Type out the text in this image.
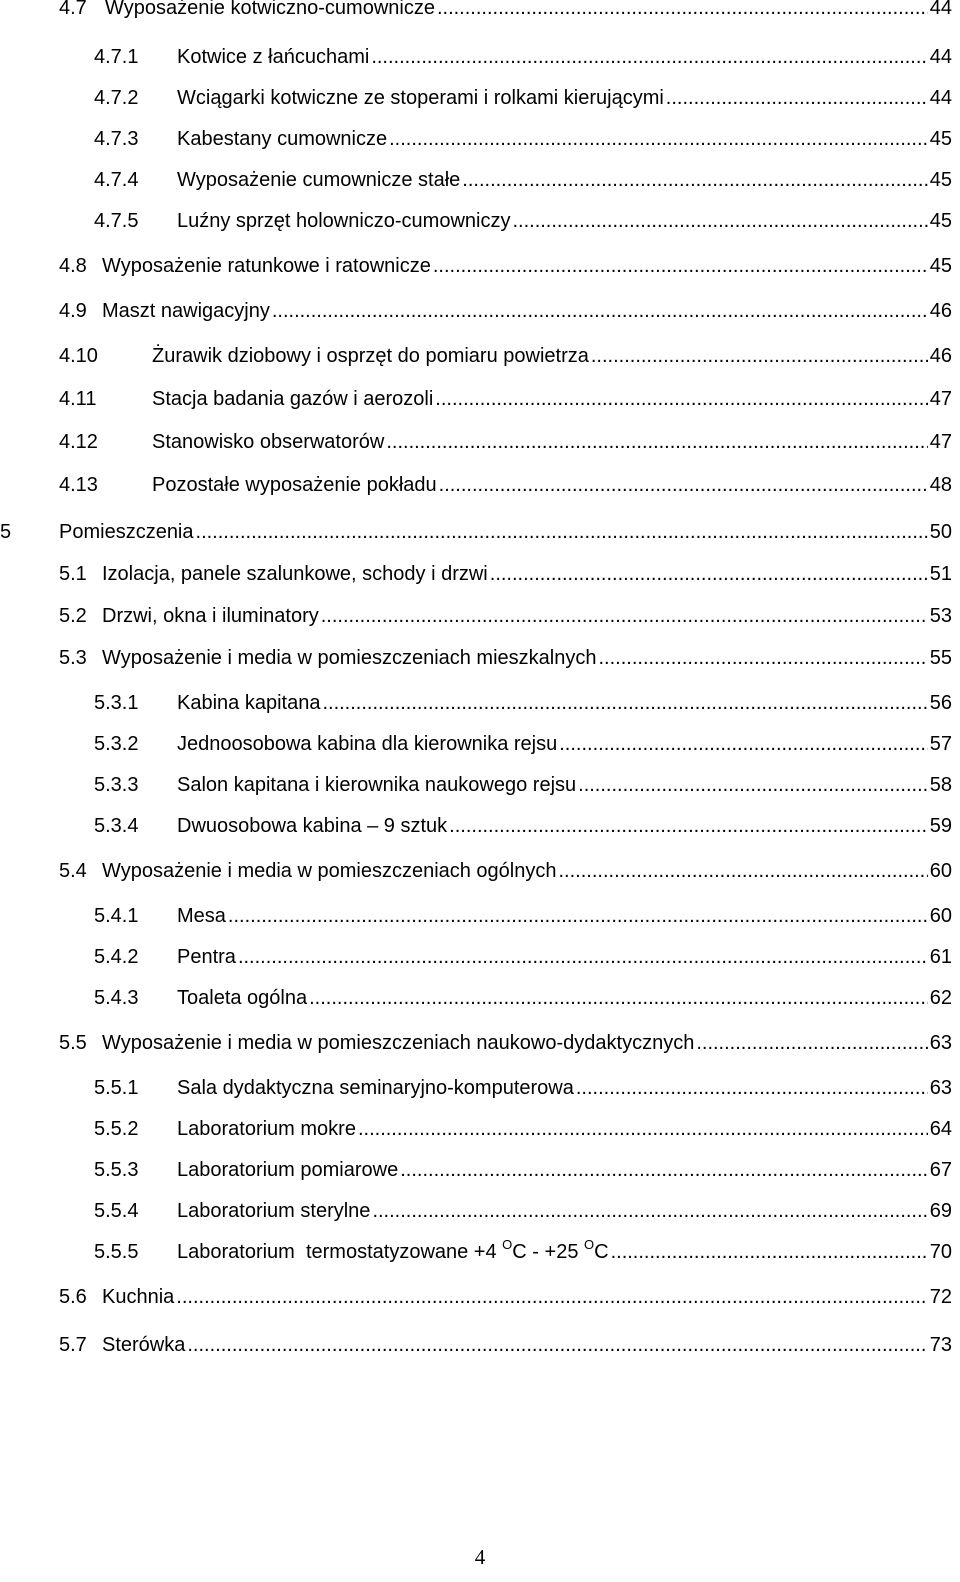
4.7 Wyposażenie kotwiczno-cumownicze .....	44
4.7.1	Kotwice z łańcuchami .....	44
4.7.2	Wciągarki kotwiczne ze stoperami i rolkami kierującymi .....	44
4.7.3	Kabestany cumownicze .....	45
4.7.4	Wyposażenie cumownicze stałe .....	45
4.7.5	Luźny sprzęt holowniczo-cumowniczy .....	45
4.8 Wyposażenie ratunkowe i ratownicze .....	45
4.9 Maszt nawigacyjny .....	46
4.10	Żurawik dziobowy i osprzęt do pomiaru powietrza .....	46
4.11	Stacja badania gazów i aerozoli .....	47
4.12	Stanowisko obserwatorów .....	47
4.13	Pozostałe wyposażenie pokładu .....	48
5	Pomieszczenia .....	50
5.1 Izolacja, panele szalunkowe, schody i drzwi .....	51
5.2 Drzwi, okna i iluminatory .....	53
5.3 Wyposażenie i media w pomieszczeniach mieszkalnych .....	55
5.3.1	Kabina kapitana .....	56
5.3.2	Jednoosobowa kabina dla kierownika rejsu .....	57
5.3.3	Salon kapitana i kierownika naukowego rejsu .....	58
5.3.4	Dwuosobowa kabina – 9 sztuk .....	59
5.4 Wyposażenie i media w pomieszczeniach ogólnych .....	60
5.4.1	Mesa .....	60
5.4.2	Pentra .....	61
5.4.3	Toaleta ogólna .....	62
5.5 Wyposażenie i media w pomieszczeniach naukowo-dydaktycznych .....	63
5.5.1	Sala dydaktyczna seminaryjno-komputerowa .....	63
5.5.2	Laboratorium mokre .....	64
5.5.3	Laboratorium pomiarowe .....	67
5.5.4	Laboratorium sterylne .....	69
5.5.5	Laboratorium  termostatyzowane +4 $^O$C - +25 $^O$C .....	70
5.6 Kuchnia .....	72
5.7 Sterówka .....	73
4
